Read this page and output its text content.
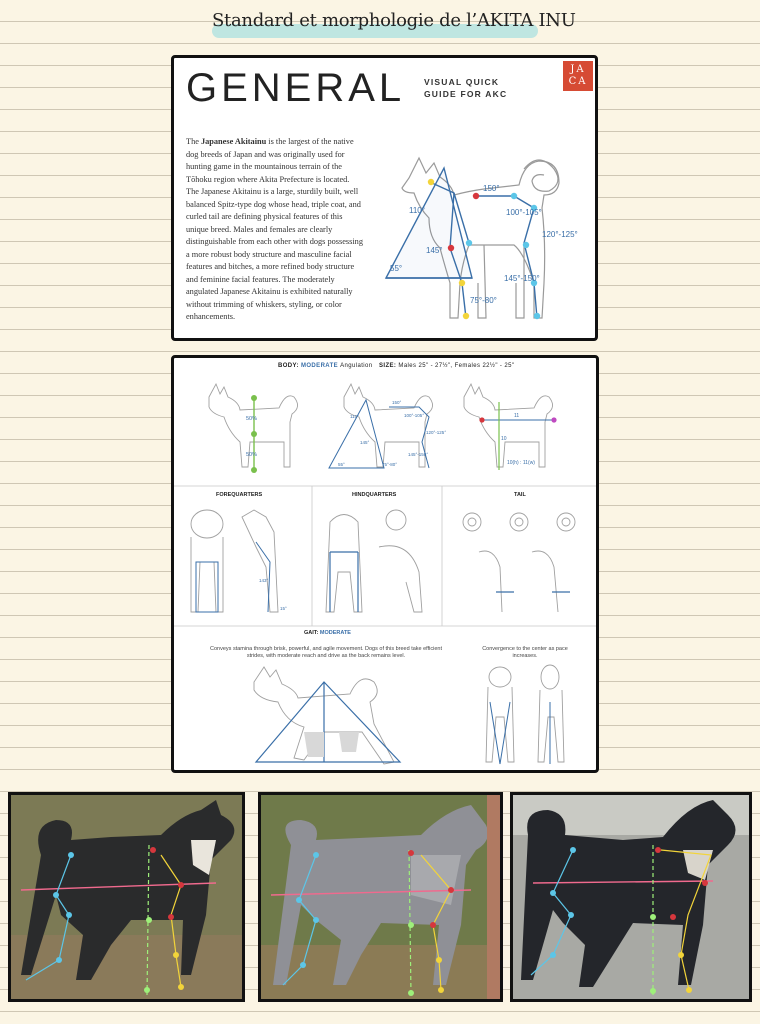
Standard et morphologie de l’AKITA INU
GENERAL VISUAL QUICK
GUIDE FOR AKC
JA
CA

The Japanese Akitainu is the largest of the native dog breeds of Japan and was originally used for hunting game in the mountainous terrain of the Tōhoku region where Akita Prefecture is located. The Japanese Akitainu is a large, sturdily built, well balanced Spitz-type dog whose head, triple coat, and curled tail are defining physical features of this unique breed. Males and females are clearly distinguishable from each other with dogs possessing a more robust body structure and masculine facial features and bitches, a more refined body structure and feminine facial features. The moderately angulated Japanese Akitainu is exhibited naturally without trimming of whiskers, styling, or color enhancements.

150°
110°	100°-105°
120°-125°
145°
145°-150°
75°-80°
55°
BODY: MODERATE Angulation SIZE: Males 25" - 27½", Females 22½" - 25"
50%
50%
150°
110°	100°-105°
120°-125°
145°
145°-150°
75°-80°
55°
11
10
10(h) : 11(w)
FOREQUARTERS	HINDQUARTERS	TAIL
143°
15°
GAIT: MODERATE
Conveys stamina through brisk, powerful, and agile movement. Dogs of this breed take efficient strides, with moderate reach and drive as the back remains level.
Convergence to the center as pace increases.
